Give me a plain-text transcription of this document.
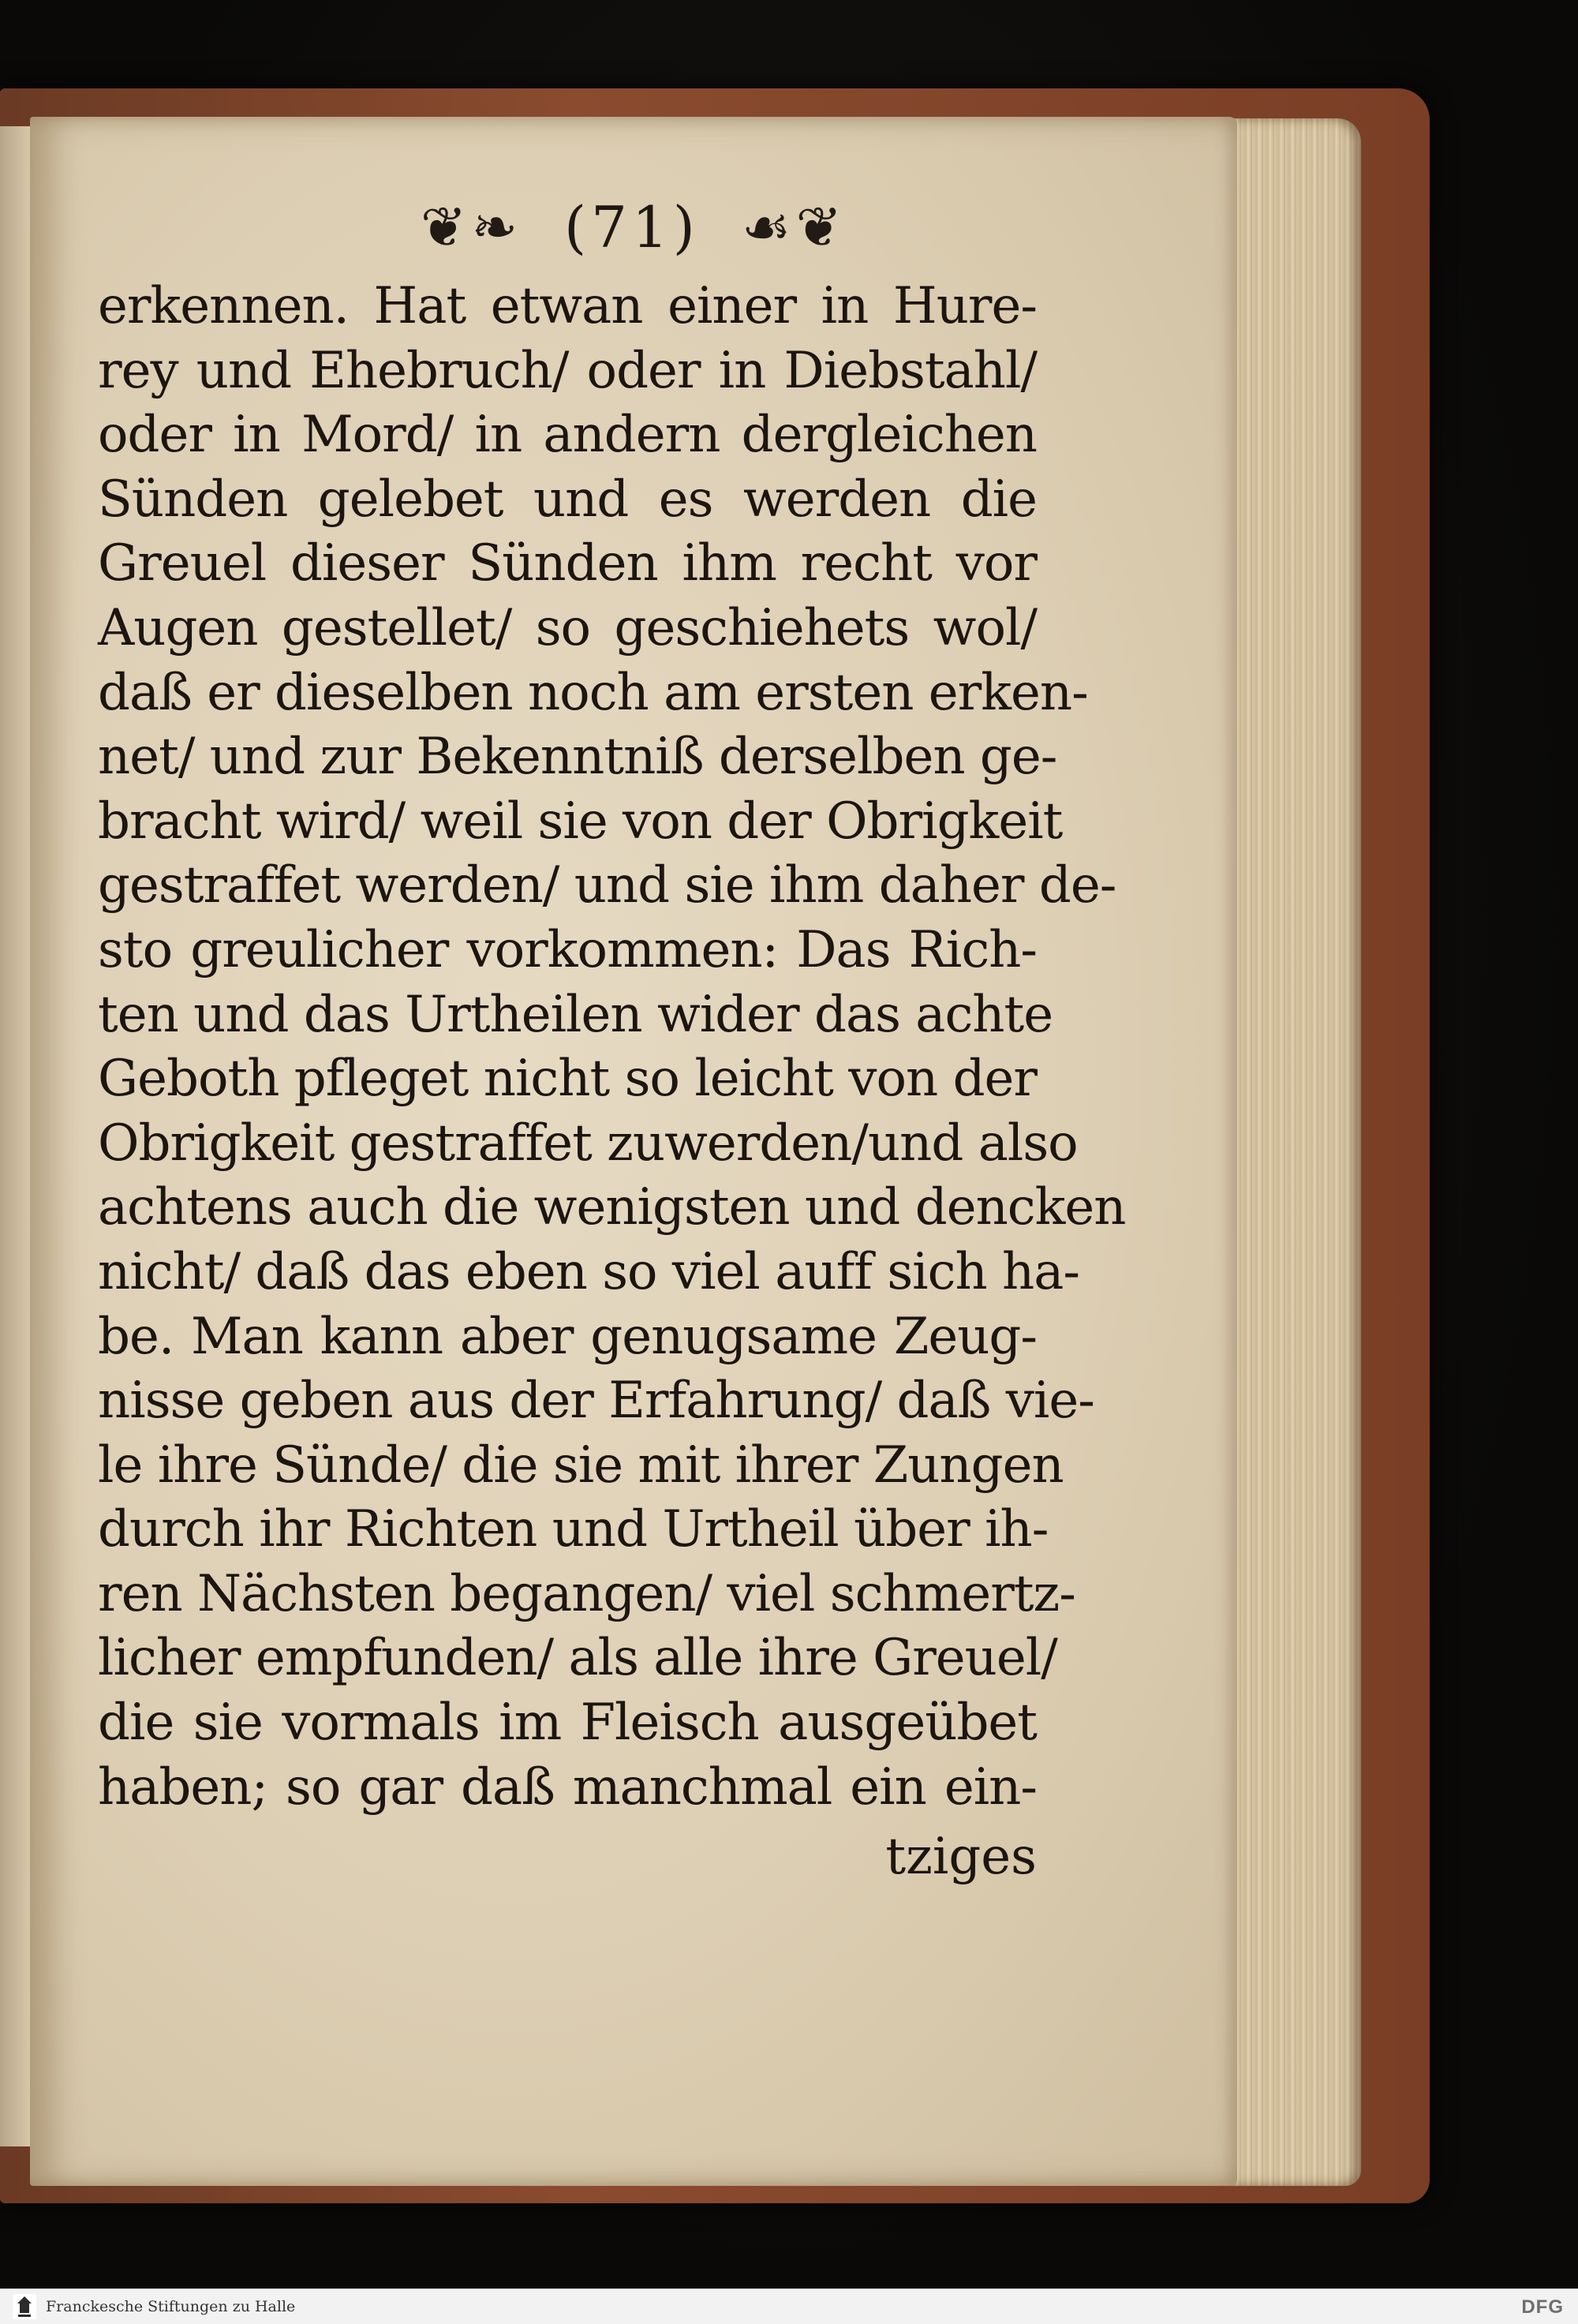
❦❧ (71) ☙❦
erkennen. Hat etwan einer in Hure-
rey und Ehebruch/ oder in Diebstahl/
oder in Mord/ in andern dergleichen
Sünden gelebet und es werden die
Greuel dieser Sünden ihm recht vor
Augen gestellet/ so geschiehets wol/
daß er dieselben noch am ersten erken-
net/ und zur Bekenntniß derselben ge-
bracht wird/ weil sie von der Obrigkeit
gestraffet werden/ und sie ihm daher de-
sto greulicher vorkommen: Das Rich-
ten und das Urtheilen wider das achte
Geboth pfleget nicht so leicht von der
Obrigkeit gestraffet zuwerden/und also
achtens auch die wenigsten und dencken
nicht/ daß das eben so viel auff sich ha-
be. Man kann aber genugsame Zeug-
nisse geben aus der Erfahrung/ daß vie-
le ihre Sünde/ die sie mit ihrer Zungen
durch ihr Richten und Urtheil über ih-
ren Nächsten begangen/ viel schmertz-
licher empfunden/ als alle ihre Greuel/
die sie vormals im Fleisch ausgeübet
haben; so gar daß manchmal ein ein-
tziges
Franckesche Stiftungen zu Halle	DFG
